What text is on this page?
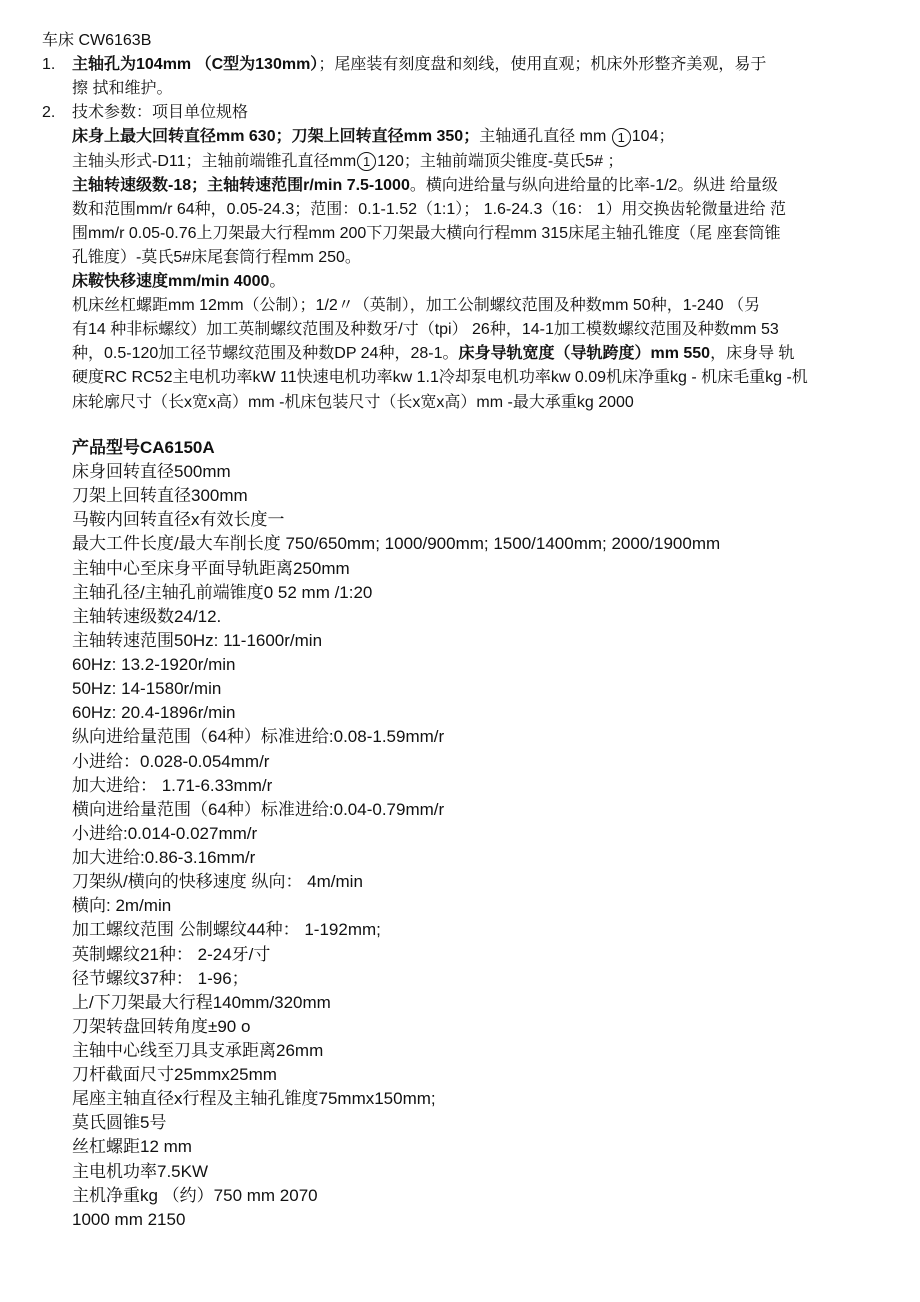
车床 CW6163B
1. 主轴孔为104mm （C型为130mm）；尾座装有刻度盘和刻线，使用直观；机床外形整齐美观，易于
擦 拭和维护。
2. 技术参数：项目单位规格
床身上最大回转直径mm 630；刀架上回转直径mm 350；主轴通孔直径 mm 1 104；
主轴头形式-D11；主轴前端锥孔直径mm 1 120；主轴前端顶尖锥度-莫氏5# ；
主轴转速级数-18；主轴转速范围r/min 7.5-1000。横向进给量与纵向进给量的比率-1/2。纵进 给量级
数和范围mm/r 64种，0.05-24.3；范围：0.1-1.52（1:1）； 1.6-24.3（16： 1）用交换齿轮微量进给 范
围mm/r 0.05-0.76上刀架最大行程mm 200下刀架最大横向行程mm 315床尾主轴孔锥度（尾 座套筒锥
孔锥度）-莫氏5#床尾套筒行程mm 250。
床鞍快移速度mm/min 4000。
机床丝杠螺距mm 12mm（公制）；1/2〃（英制），加工公制螺纹范围及种数mm 50种，1-240 （另
有14 种非标螺纹）加工英制螺纹范围及种数牙/寸（tpi） 26种，14-1加工模数螺纹范围及种数mm 53
种，0.5-120加工径节螺纹范围及种数DP 24种，28-1。床身导轨宽度（导轨跨度）mm 550，床身导 轨
硬度RC RC52主电机功率kW 11快速电机功率kw 1.1冷却泵电机功率kw 0.09机床净重kg - 机床毛重kg -机
床轮廓尺寸（长x宽x高）mm -机床包装尺寸（长x宽x高）mm -最大承重kg 2000
产品型号CA6150A
床身回转直径500mm
刀架上回转直径300mm
马鞍内回转直径x有效长度一
最大工件长度/最大车削长度 750/650mm; 1000/900mm; 1500/1400mm; 2000/1900mm
主轴中心至床身平面导轨距离250mm
主轴孔径/主轴孔前端锥度0 52 mm /1:20
主轴转速级数24/12.
主轴转速范围50Hz: 11-1600r/min
60Hz: 13.2-1920r/min
50Hz: 14-1580r/min
60Hz: 20.4-1896r/min
纵向进给量范围（64种）标准进给:0.08-1.59mm/r
小进给：0.028-0.054mm/r
加大进给： 1.71-6.33mm/r
横向进给量范围（64种）标准进给:0.04-0.79mm/r
小进给:0.014-0.027mm/r
加大进给:0.86-3.16mm/r
刀架纵/横向的快移速度 纵向： 4m/min
横向: 2m/min
加工螺纹范围 公制螺纹44种： 1-192mm;
英制螺纹21种： 2-24牙/寸
径节螺纹37种： 1-96；
上/下刀架最大行程140mm/320mm
刀架转盘回转角度±90 o
主轴中心线至刀具支承距离26mm
刀杆截面尺寸25mmx25mm
尾座主轴直径x行程及主轴孔锥度75mmx150mm;
莫氏圆锥5号
丝杠螺距12 mm
主电机功率7.5KW
主机净重kg （约）750 mm 2070
1000 mm 2150
